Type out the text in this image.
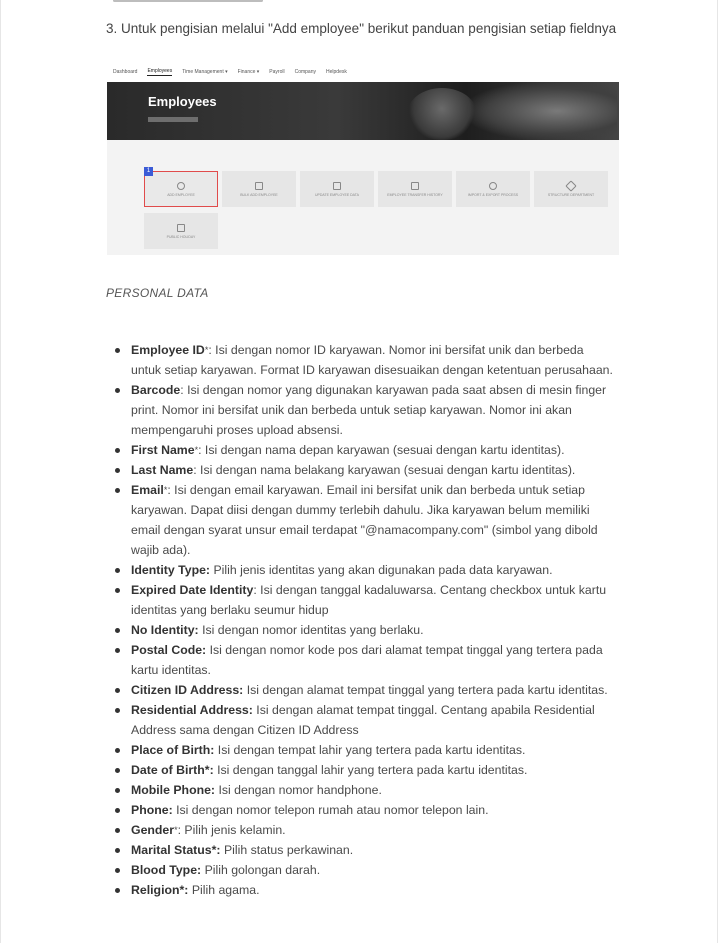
3. Untuk pengisian melalui "Add employee" berikut panduan pengisian setiap fieldnya
Dashboard Employees Time Management ▾ Finance ▾ Payroll Company Helpdesk
Employees
ADD EMPLOYEE	BULK ADD EMPLOYEE	UPDATE EMPLOYEE DATA	EMPLOYEE TRANSFER HISTORY	IMPORT & EXPORT PROCESS	STRUCTURE DEPARTMENT
PUBLIC HOLIDAY
1
PERSONAL DATA
Employee ID*: Isi dengan nomor ID karyawan. Nomor ini bersifat unik dan berbeda untuk setiap karyawan. Format ID karyawan disesuaikan dengan ketentuan perusahaan.
Barcode: Isi dengan nomor yang digunakan karyawan pada saat absen di mesin finger print. Nomor ini bersifat unik dan berbeda untuk setiap karyawan. Nomor ini akan mempengaruhi proses upload absensi.
First Name*: Isi dengan nama depan karyawan (sesuai dengan kartu identitas).
Last Name: Isi dengan nama belakang karyawan (sesuai dengan kartu identitas).
Email*: Isi dengan email karyawan. Email ini bersifat unik dan berbeda untuk setiap karyawan. Dapat diisi dengan dummy terlebih dahulu. Jika karyawan belum memiliki email dengan syarat unsur email terdapat "@namacompany.com" (simbol yang dibold wajib ada).
Identity Type: Pilih jenis identitas yang akan digunakan pada data karyawan.
Expired Date Identity: Isi dengan tanggal kadaluwarsa. Centang checkbox untuk kartu identitas yang berlaku seumur hidup
No Identity: Isi dengan nomor identitas yang berlaku.
Postal Code: Isi dengan nomor kode pos dari alamat tempat tinggal yang tertera pada kartu identitas.
Citizen ID Address: Isi dengan alamat tempat tinggal yang tertera pada kartu identitas.
Residential Address: Isi dengan alamat tempat tinggal. Centang apabila Residential Address sama dengan Citizen ID Address
Place of Birth: Isi dengan tempat lahir yang tertera pada kartu identitas.
Date of Birth*: Isi dengan tanggal lahir yang tertera pada kartu identitas.
Mobile Phone: Isi dengan nomor handphone.
Phone: Isi dengan nomor telepon rumah atau nomor telepon lain.
Gender*: Pilih jenis kelamin.
Marital Status*: Pilih status perkawinan.
Blood Type: Pilih golongan darah.
Religion*: Pilih agama.
